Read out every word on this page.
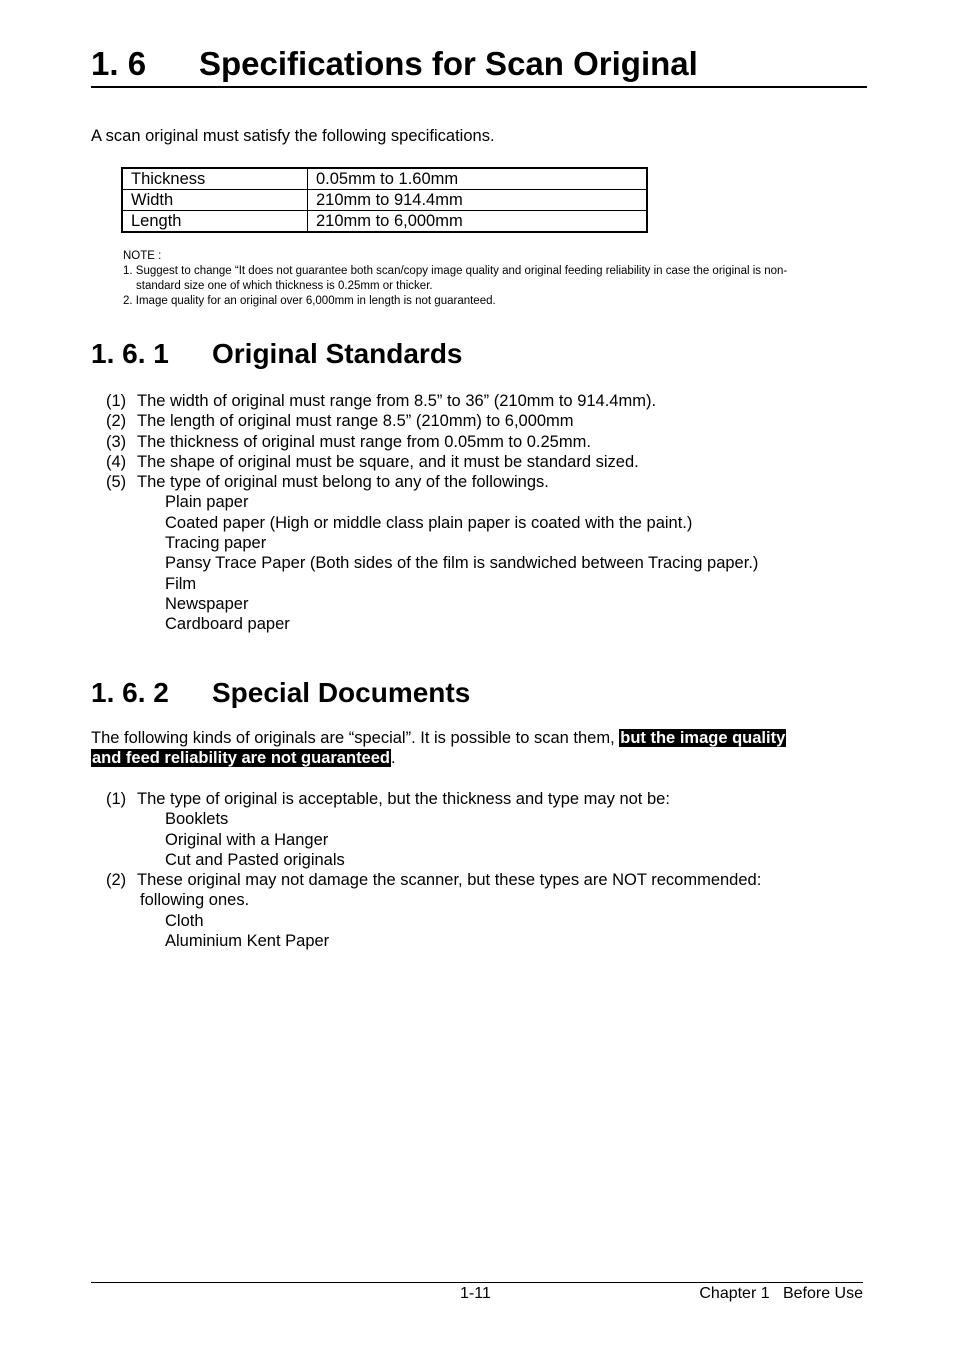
1. 6 Specifications for Scan Original
A scan original must satisfy the following specifications.
Thickness	0.05mm to 1.60mm
Width	210mm to 914.4mm
Length	210mm to 6,000mm
NOTE :
1. Suggest to change “It does not guarantee both scan/copy image quality and original feeding reliability in case the original is non-
standard size one of which thickness is 0.25mm or thicker.
2. Image quality for an original over 6,000mm in length is not guaranteed.
1. 6. 1 Original Standards
(1) The width of original must range from 8.5” to 36” (210mm to 914.4mm).
(2) The length of original must range 8.5” (210mm) to 6,000mm
(3) The thickness of original must range from 0.05mm to 0.25mm.
(4) The shape of original must be square, and it must be standard sized.
(5) The type of original must belong to any of the followings.
Plain paper
Coated paper (High or middle class plain paper is coated with the paint.)
Tracing paper
Pansy Trace Paper (Both sides of the film is sandwiched between Tracing paper.)
Film
Newspaper
Cardboard paper
1. 6. 2 Special Documents
The following kinds of originals are “special”. It is possible to scan them, but the image quality
and feed reliability are not guaranteed.
(1) The type of original is acceptable, but the thickness and type may not be:
Booklets
Original with a Hanger
Cut and Pasted originals
(2) These original may not damage the scanner, but these types are NOT recommended:
following ones.
Cloth
Aluminium Kent Paper
1-11	Chapter 1   Before Use
